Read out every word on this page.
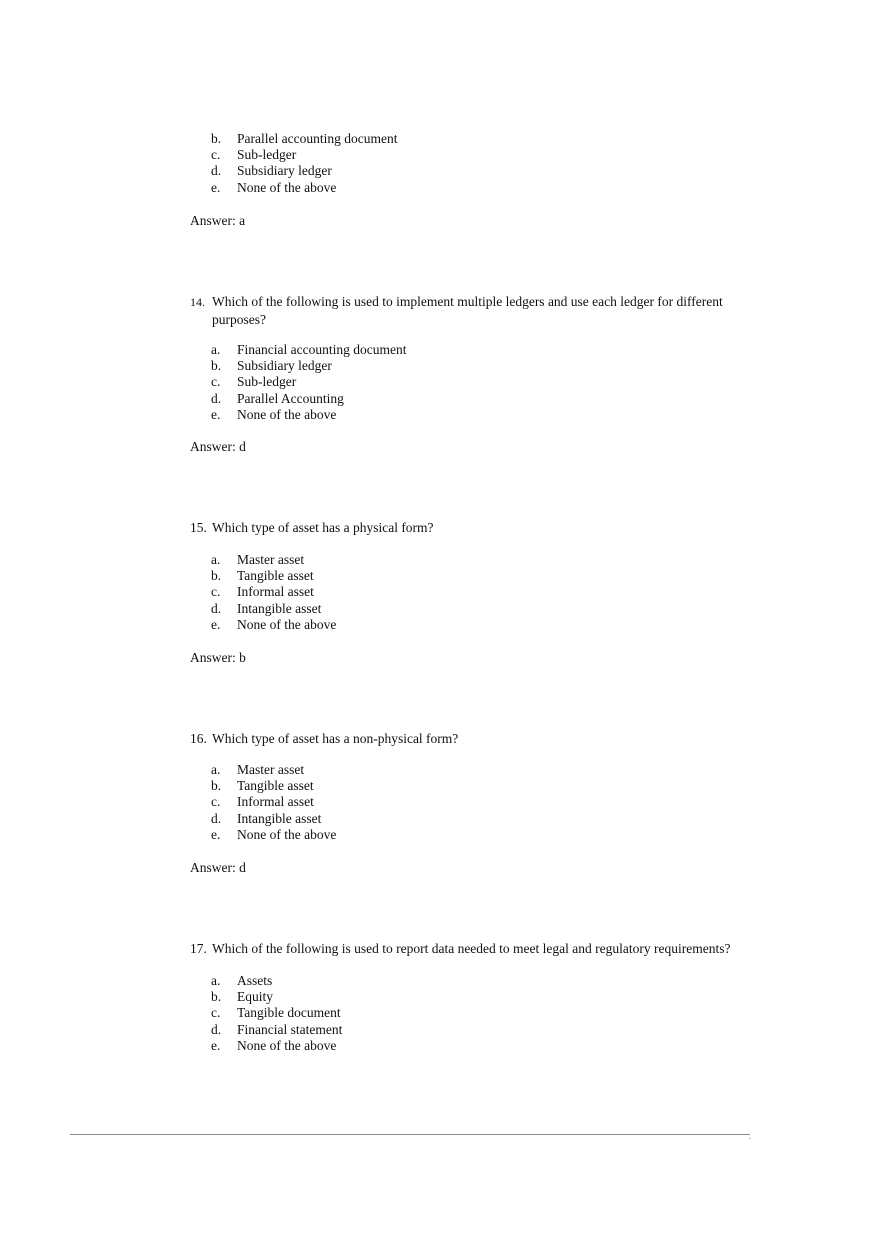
b. Parallel accounting document
c. Sub-ledger
d. Subsidiary ledger
e. None of the above
Answer: a
14. Which of the following is used to implement multiple ledgers and use each ledger for different
purposes?
a. Financial accounting document
b. Subsidiary ledger
c. Sub-ledger
d. Parallel Accounting
e. None of the above
Answer: d
15. Which type of asset has a physical form?
a. Master asset
b. Tangible asset
c. Informal asset
d. Intangible asset
e. None of the above
Answer: b
16. Which type of asset has a non-physical form?
a. Master asset
b. Tangible asset
c. Informal asset
d. Intangible asset
e. None of the above
Answer: d
17. Which of the following is used to report data needed to meet legal and regulatory requirements?
a. Assets
b. Equity
c. Tangible document
d. Financial statement
e. None of the above
.
